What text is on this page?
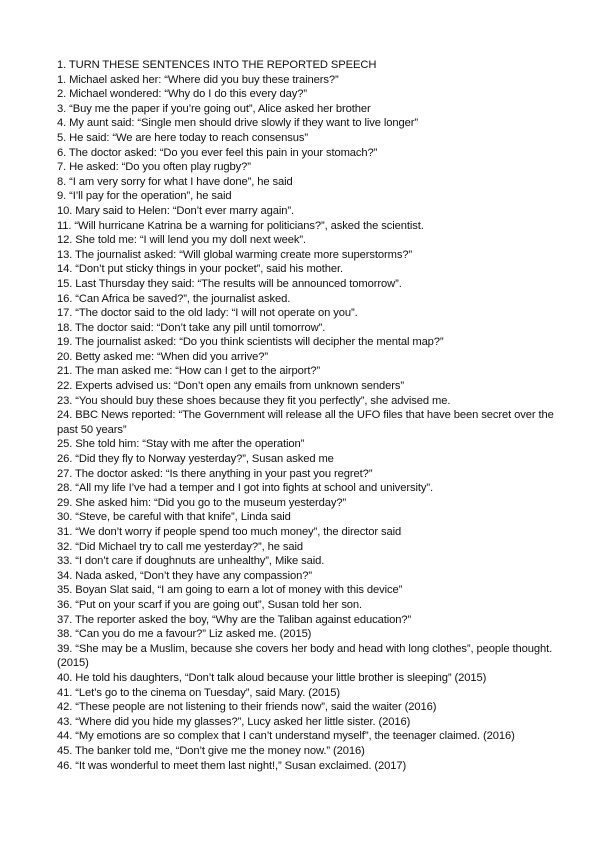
1. TURN THESE SENTENCES INTO THE REPORTED SPEECH
1. Michael asked her: “Where did you buy these trainers?”
2. Michael wondered: “Why do I do this every day?”
3. “Buy me the paper if you’re going out”, Alice asked her brother
4. My aunt said: “Single men should drive slowly if they want to live longer”
5. He said: “We are here today to reach consensus”
6. The doctor asked: “Do you ever feel this pain in your stomach?”
7. He asked: “Do you often play rugby?”
8. “I am very sorry for what I have done”, he said
9. “I’ll pay for the operation”, he said
10. Mary said to Helen: “Don’t ever marry again”.
11. “Will hurricane Katrina be a warning for politicians?”, asked the scientist.
12. She told me: “I will lend you my doll next week”.
13. The journalist asked: “Will global warming create more superstorms?”
14. “Don’t put sticky things in your pocket”, said his mother.
15. Last Thursday they said: “The results will be announced tomorrow”.
16. “Can Africa be saved?”, the journalist asked.
17. “The doctor said to the old lady: “I will not operate on you”.
18. The doctor said: “Don’t take any pill until tomorrow”.
19. The journalist asked: “Do you think scientists will decipher the mental map?”
20. Betty asked me: “When did you arrive?”
21. The man asked me: “How can I get to the airport?”
22. Experts advised us: “Don’t open any emails from unknown senders”
23. “You should buy these shoes because they fit you perfectly”, she advised me.
24. BBC News reported: “The Government will release all the UFO files that have been secret over the past 50 years”
25. She told him: “Stay with me after the operation”
26. “Did they fly to Norway yesterday?”, Susan asked me
27. The doctor asked: “Is there anything in your past you regret?”
28. “All my life I’ve had a temper and I got into fights at school and university”.
29. She asked him: “Did you go to the museum yesterday?”
30. “Steve, be careful with that knife”, Linda said
31. “We don’t worry if people spend too much money”, the director said
32. “Did Michael try to call me yesterday?”, he said
33. “I don’t care if doughnuts are unhealthy”, Mike said.
34. Nada asked, “Don’t they have any compassion?”
35. Boyan Slat said, “I am going to earn a lot of money with this device”
36. “Put on your scarf if you are going out”, Susan told her son.
37. The reporter asked the boy, “Why are the Taliban against education?”
38. “Can you do me a favour?” Liz asked me. (2015)
39. “She may be a Muslim, because she covers her body and head with long clothes”, people thought. (2015)
40. He told his daughters, “Don’t talk aloud because your little brother is sleeping” (2015)
41. “Let’s go to the cinema on Tuesday”, said Mary. (2015)
42. “These people are not listening to their friends now”, said the waiter (2016)
43. “Where did you hide my glasses?”, Lucy asked her little sister. (2016)
44. “My emotions are so complex that I can’t understand myself”, the teenager claimed. (2016)
45. The banker told me, “Don’t give me the money now.” (2016)
46. “It was wonderful to meet them last night!,” Susan exclaimed. (2017)
